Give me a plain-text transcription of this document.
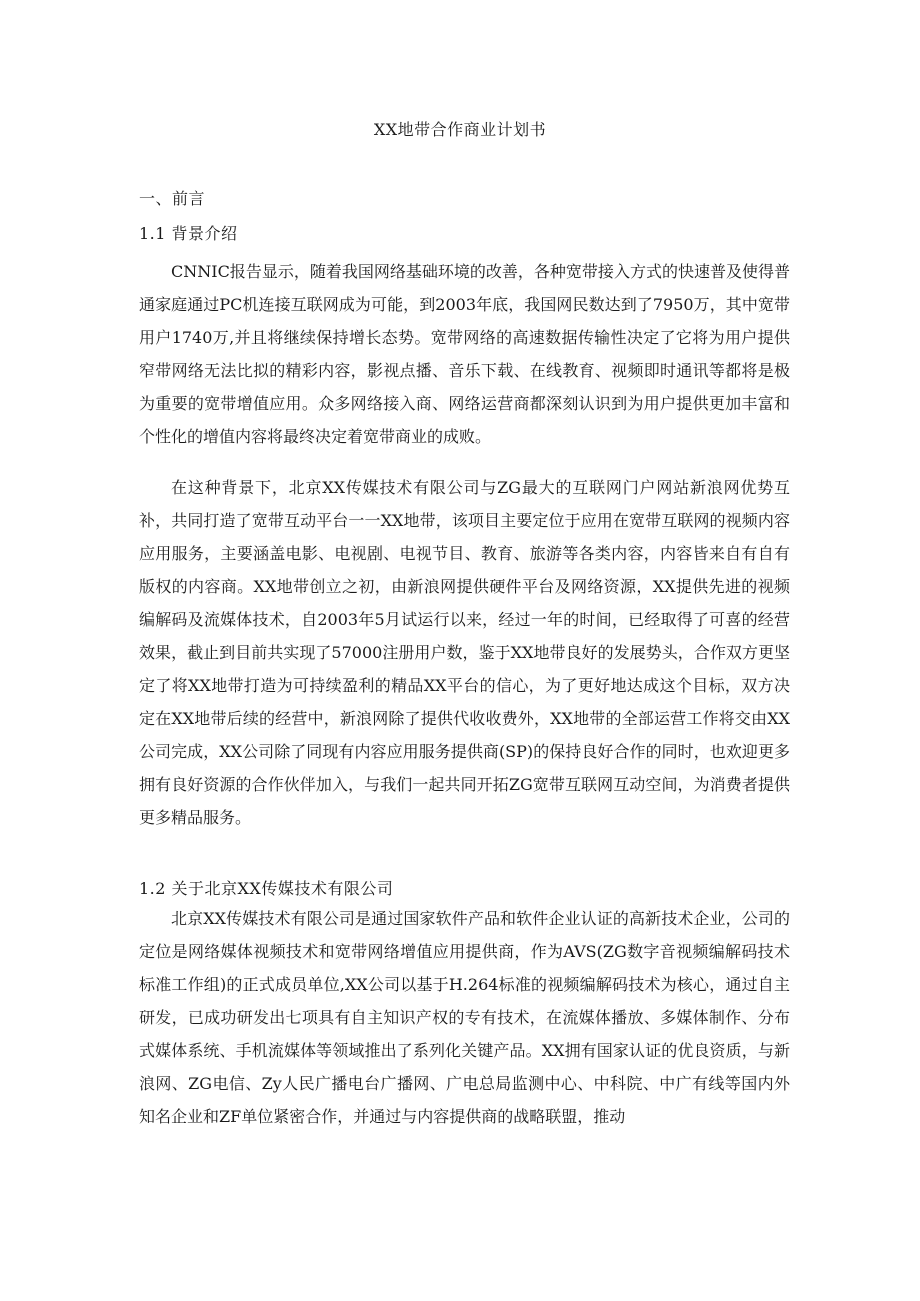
XX地带合作商业计划书
一、前言
1.1 背景介绍

CNNIC报告显示，随着我国网络基础环境的改善，各种宽带接入方式的快速普及使得普通家庭通过PC机连接互联网成为可能，到2003年底，我国网民数达到了7950万，其中宽带用户1740万,并且将继续保持增长态势。宽带网络的高速数据传输性决定了它将为用户提供窄带网络无法比拟的精彩内容，影视点播、音乐下载、在线教育、视频即时通讯等都将是极为重要的宽带增值应用。众多网络接入商、网络运营商都深刻认识到为用户提供更加丰富和个性化的增值内容将最终决定着宽带商业的成败。

在这种背景下，北京XX传媒技术有限公司与ZG最大的互联网门户网站新浪网优势互补，共同打造了宽带互动平台一一XX地带，该项目主要定位于应用在宽带互联网的视频内容应用服务，主要涵盖电影、电视剧、电视节目、教育、旅游等各类内容，内容皆来自有自有版权的内容商。XX地带创立之初，由新浪网提供硬件平台及网络资源，XX提供先进的视频编解码及流媒体技术，自2003年5月试运行以来，经过一年的时间，已经取得了可喜的经营效果，截止到目前共实现了57000注册用户数，鉴于XX地带良好的发展势头，合作双方更坚定了将XX地带打造为可持续盈利的精品XX平台的信心，为了更好地达成这个目标，双方决定在XX地带后续的经营中，新浪网除了提供代收收费外，XX地带的全部运营工作将交由XX公司完成，XX公司除了同现有内容应用服务提供商(SP)的保持良好合作的同时，也欢迎更多拥有良好资源的合作伙伴加入，与我们一起共同开拓ZG宽带互联网互动空间，为消费者提供更多精品服务。

1.2 关于北京XX传媒技术有限公司

北京XX传媒技术有限公司是通过国家软件产品和软件企业认证的高新技术企业，公司的定位是网络媒体视频技术和宽带网络增值应用提供商，作为AVS(ZG数字音视频编解码技术标准工作组)的正式成员单位,XX公司以基于H.264标准的视频编解码技术为核心，通过自主研发，已成功研发出七项具有自主知识产权的专有技术，在流媒体播放、多媒体制作、分布式媒体系统、手机流媒体等领域推出了系列化关键产品。XX拥有国家认证的优良资质，与新浪网、ZG电信、Zy人民广播电台广播网、广电总局监测中心、中科院、中广有线等国内外知名企业和ZF单位紧密合作，并通过与内容提供商的战略联盟，推动
